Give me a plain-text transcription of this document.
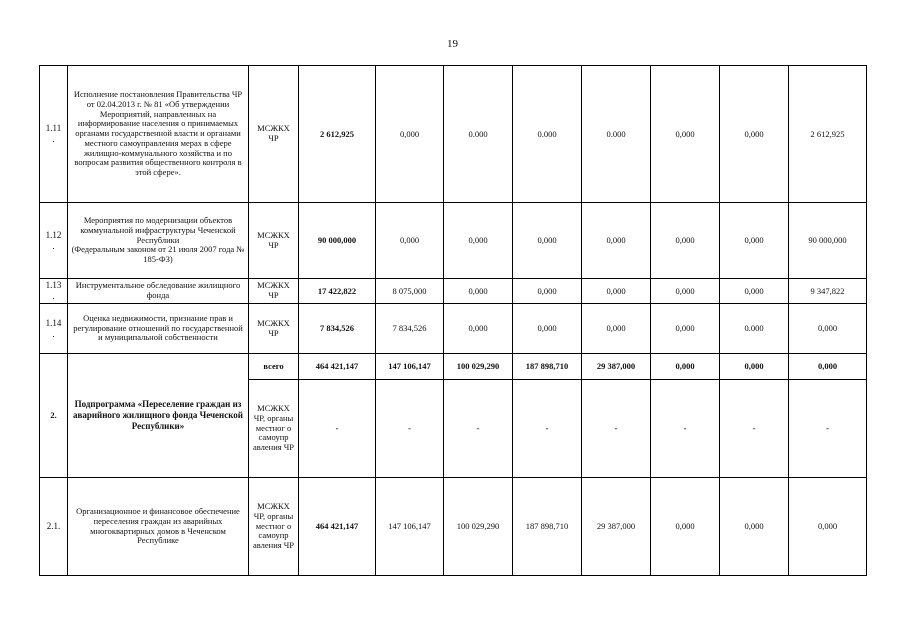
19
1.11
.	Исполнение постановления Правительства ЧР от 02.04.2013 г. № 81 «Об утверждении Мероприятий, направленных на информирование населения о принимаемых органами государственной власти и органами местного самоуправления мерах в сфере жилищно-коммунального хозяйства и по вопросам развития общественного контроля в этой сфере».	МСЖКХ ЧР	2 612,925	0,000	0.000	0.000	0.000	0,000	0,000	2 612,925
1.12
.	Мероприятия по модернизации объектов коммунальной инфраструктуры Чеченской Республики
(Федеральным законом от 21 июля 2007 года № 185-ФЗ)	МСЖКХ ЧР	90 000,000	0,000	0,000	0,000	0,000	0,000	0,000	90 000,000
1.13
.	Инструментальное обследование жилищного фонда	МСЖКХ ЧР	17 422,822	8 075,000	0,000	0,000	0,000	0,000	0,000	9 347,822
1.14
.	Оценка недвижимости, признание прав и регулирование отношений по государственной и муниципальной собственности	МСЖКХ ЧР	7 834,526	7 834,526	0,000	0,000	0,000	0,000	0.000	0,000
2.	Подпрограмма «Переселение граждан из аварийного жилищного фонда Чеченской Республики»	всего	464 421,147	147 106,147	100 029,290	187 898,710	29 387,000	0,000	0,000	0,000
		МСЖКХ ЧР, органы местног о самоупр авления ЧР	-	-	-	-	-	-	-	-
2.1.	Организационное и финансовое обеспечение переселения граждан из аварийных многоквартирных домов в Чеченском Республике	МСЖКХ ЧР, органы местног о самоупр авления ЧР	464 421,147	147 106,147	100 029,290	187 898,710	29 387,000	0,000	0,000	0,000
